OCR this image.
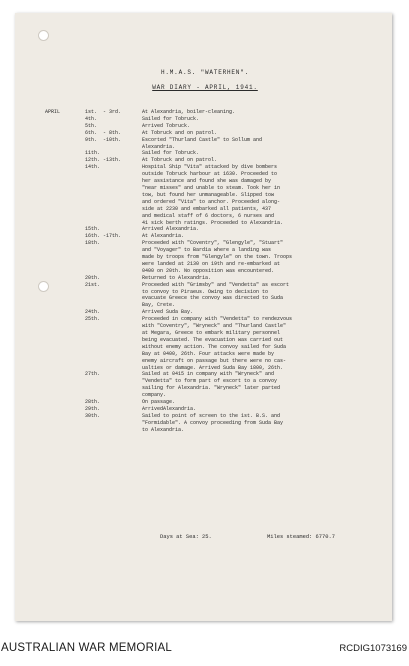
H.M.A.S. "WATERHEN".
WAR DIARY - APRIL, 1941.
APRIL	1st.  - 3rd.	At Alexandria, boiler-cleaning.
4th.	Sailed for Tobruck.
5th.	Arrived Tobruck.
6th.  - 8th.	At Tobruck and on patrol.
9th.  -10th.	Escorted "Thurland Castle" to Sollum and
Alexandria.
11th.	Sailed for Tobruck.
12th. -13th.	At Tobruck and on patrol.
14th.	Hospital Ship "Vita" attacked by dive bombers
outside Tobruck harbour at 1630. Proceeded to
her assistance and found she was damaged by
"near misses" and unable to steam. Took her in
tow, but found her unmanageable. Slipped tow
and ordered "Vita" to anchor. Proceeded along-
side at 2230 and embarked all patients, 437
and medical staff of 6 doctors, 6 nurses and
41 sick berth ratings. Proceeded to Alexandria.
15th.	Arrived Alexandria.
16th. -17th.	At Alexandria.
18th.	Proceeded with "Coventry", "Glengyle", "Stuart"
and "Voyager" to Bardia where a landing was
made by troops from "Glengyle" on the town. Troops
were landed at 2130 on 19th and re-embarked at
0400 on 20th. No opposition was encountered.
20th.	Returned to Alexandria.
21st.	Proceeded with "Grimsby" and "Vendetta" as escort
to convoy to Piraeus. Owing to decision to
evacuate Greece the convoy was directed to Suda
Bay, Crete.
24th.	Arrived Suda Bay.
25th.	Proceeded in company with "Vendetta" to rendezvous
with "Coventry", "Wryneck" and "Thurland Castle"
at Megara, Greece to embark military personnel
being evacuated. The evacuation was carried out
without enemy action. The convoy sailed for Suda
Bay at 0400, 26th. Four attacks were made by
enemy aircraft on passage but there were no cas-
ualties or damage. Arrived Suda Bay 1800, 26th.
27th.	Sailed at 0415 in company with "Wryneck" and
"Vendetta" to form part of escort to a convoy
sailing for Alexandria. "Wryneck" later parted
company.
28th.	On passage.
29th.	ArrivedAlexandria.
30th.	Sailed to point of screen to the 1st. B.S. and
"Formidable". A convoy proceeding from Suda Bay
to Alexandria.
Days at Sea: 25.	Miles steamed: 6770.7
AUSTRALIAN WAR MEMORIAL	RCDIG1073169
